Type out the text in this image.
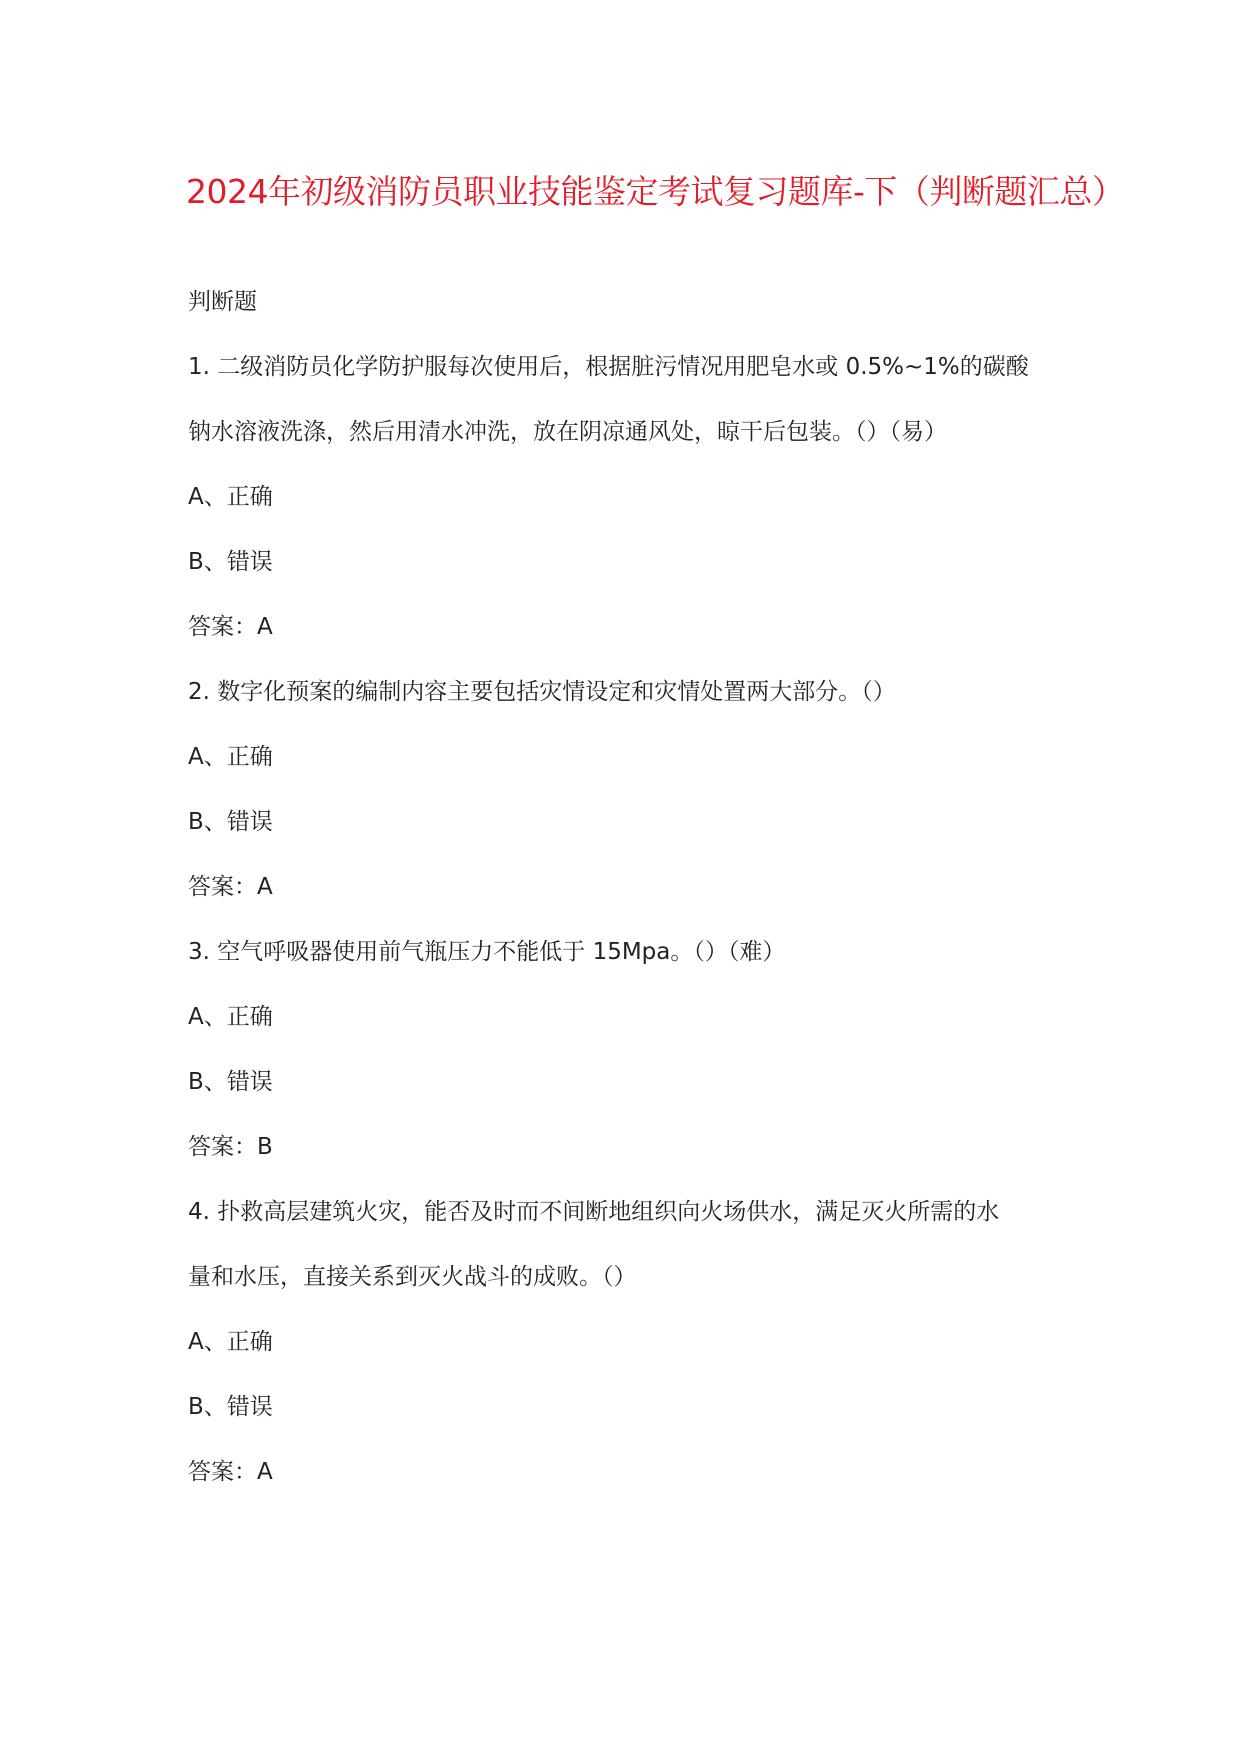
2024年初级消防员职业技能鉴定考试复习题库-下（判断题汇总）
判断题
1. 二级消防员化学防护服每次使用后，根据脏污情况用肥皂水或 0.5%~1%的碳酸
钠水溶液洗涤，然后用清水冲洗，放在阴凉通风处，晾干后包装。（）（易）
A、正确
B、错误
答案：A
2. 数字化预案的编制内容主要包括灾情设定和灾情处置两大部分。（）
A、正确
B、错误
答案：A
3. 空气呼吸器使用前气瓶压力不能低于 15Mpa。（）（难）
A、正确
B、错误
答案：B
4. 扑救高层建筑火灾，能否及时而不间断地组织向火场供水，满足灭火所需的水
量和水压，直接关系到灭火战斗的成败。（）
A、正确
B、错误
答案：A
